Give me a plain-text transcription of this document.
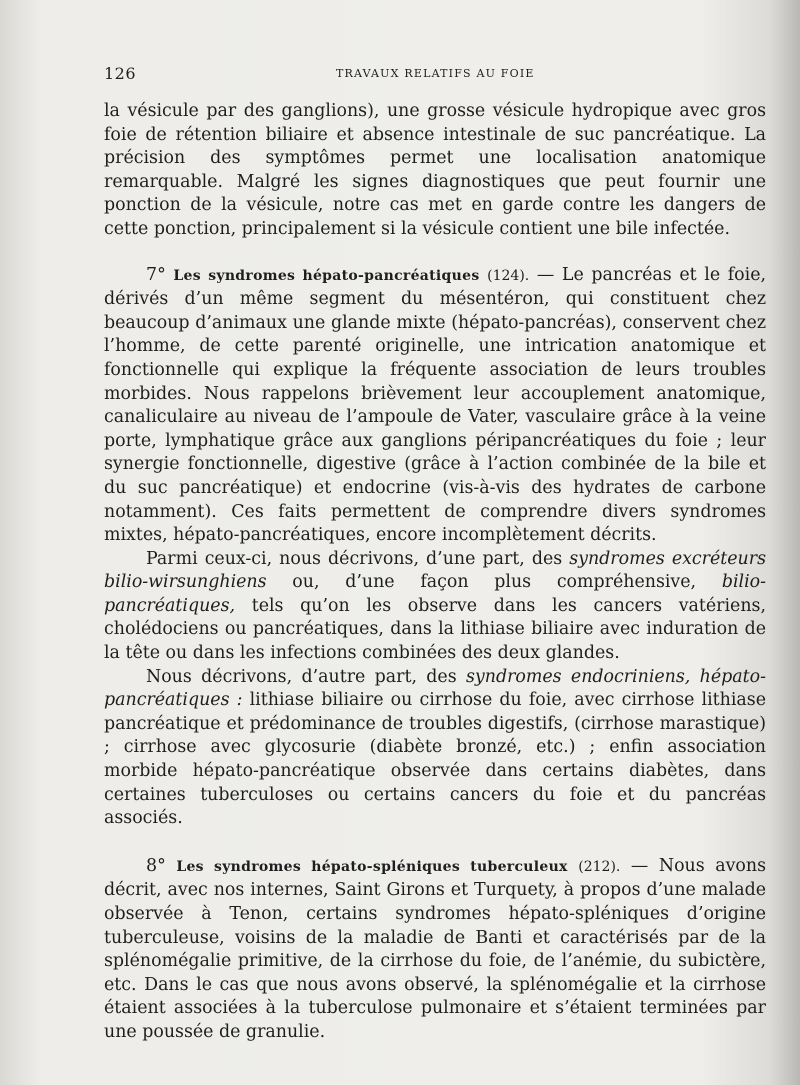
126	TRAVAUX RELATIFS AU FOIE

la vésicule par des ganglions), une grosse vésicule hydropique avec gros foie de rétention biliaire et absence intestinale de suc pancréatique. La précision des symptômes permet une localisation anatomique remarquable. Malgré les signes diagnostiques que peut fournir une ponction de la vésicule, notre cas met en garde contre les dangers de cette ponction, principalement si la vésicule contient une bile infectée.

7° Les syndromes hépato-pancréatiques (124). — Le pancréas et le foie, dérivés d’un même segment du mésentéron, qui constituent chez beaucoup d’animaux une glande mixte (hépato-pancréas), conservent chez l’homme, de cette parenté originelle, une intrication anatomique et fonctionnelle qui explique la fréquente association de leurs troubles morbides. Nous rappelons brièvement leur accouplement anatomique, canaliculaire au niveau de l’ampoule de Vater, vasculaire grâce à la veine porte, lymphatique grâce aux ganglions péripancréatiques du foie ; leur synergie fonctionnelle, digestive (grâce à l’action combinée de la bile et du suc pancréatique) et endocrine (vis-à-vis des hydrates de carbone notamment). Ces faits permettent de comprendre divers syndromes mixtes, hépato-pancréatiques, encore incomplètement décrits.

Parmi ceux-ci, nous décrivons, d’une part, des syndromes excréteurs bilio-wirsunghiens ou, d’une façon plus compréhensive, bilio-pancréatiques, tels qu’on les observe dans les cancers vatériens, cholédociens ou pancréatiques, dans la lithiase biliaire avec induration de la tête ou dans les infections combinées des deux glandes.

Nous décrivons, d’autre part, des syndromes endocriniens, hépato-pancréatiques : lithiase biliaire ou cirrhose du foie, avec cirrhose lithiase pancréatique et prédominance de troubles digestifs, (cirrhose marastique) ; cirrhose avec glycosurie (diabète bronzé, etc.) ; enfin association morbide hépato-pancréatique observée dans certains diabètes, dans certaines tuberculoses ou certains cancers du foie et du pancréas associés.

8° Les syndromes hépato-spléniques tuberculeux (212). — Nous avons décrit, avec nos internes, Saint Girons et Turquety, à propos d’une malade observée à Tenon, certains syndromes hépato-spléniques d’origine tuberculeuse, voisins de la maladie de Banti et caractérisés par de la splénomégalie primitive, de la cirrhose du foie, de l’anémie, du subictère, etc. Dans le cas que nous avons observé, la splénomégalie et la cirrhose étaient associées à la tuberculose pulmonaire et s’étaient terminées par une poussée de granulie.
